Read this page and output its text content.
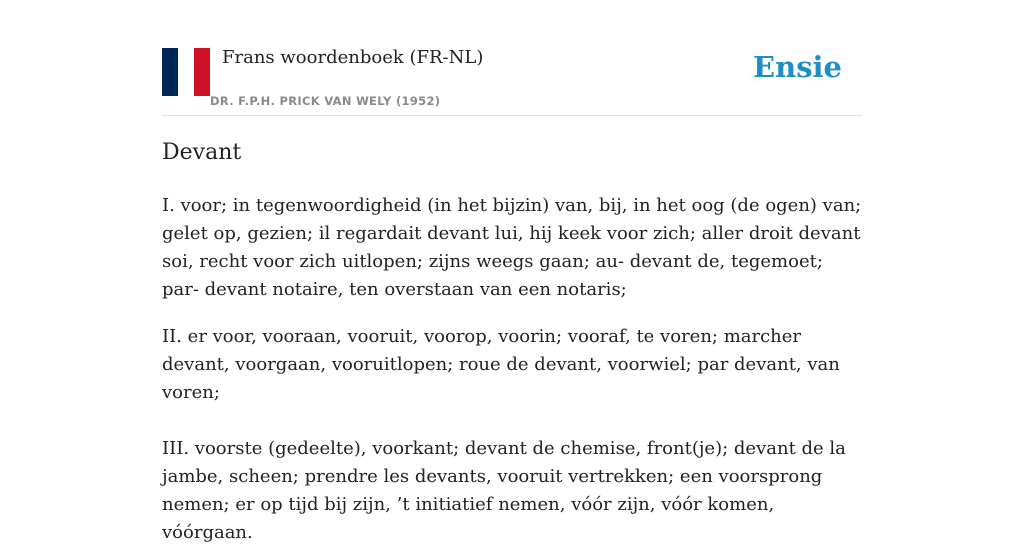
Frans woordenboek (FR-NL)
DR. F.P.H. PRICK VAN WELY (1952)
Ensie
Devant

I. voor; in tegenwoordigheid (in het bijzin) van, bij, in het oog (de ogen) van; gelet op, gezien; il regardait devant lui, hij keek voor zich; aller droit devant soi, recht voor zich uitlopen; zijns weegs gaan; au- devant de, tegemoet; par- devant notaire, ten overstaan van een notaris;

II. er voor, vooraan, vooruit, voorop, voorin; vooraf, te voren; marcher devant, voorgaan, vooruitlopen; roue de devant, voorwiel; par devant, van voren;

III. voorste (gedeelte), voorkant; devant de chemise, front(je); devant de la jambe, scheen; prendre les devants, vooruit vertrekken; een voorsprong nemen; er op tijd bij zijn, ’t initiatief nemen, vóór zijn, vóór komen, vóórgaan.
